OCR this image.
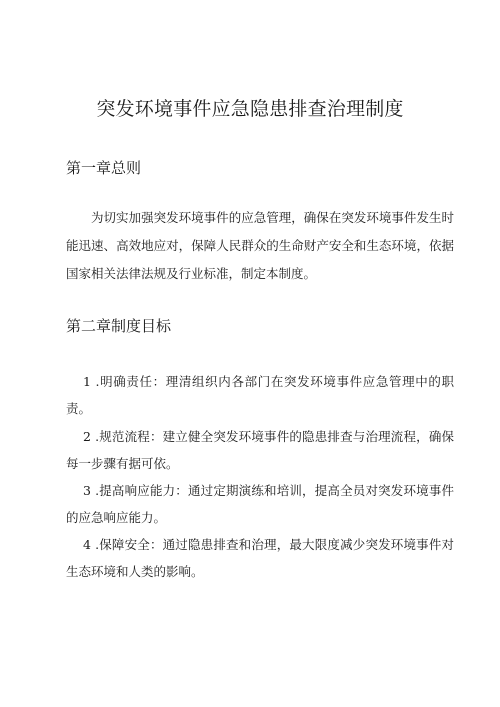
突发环境事件应急隐患排查治理制度
第一章总则

为切实加强突发环境事件的应急管理，确保在突发环境事件发生时能迅速、高效地应对，保障人民群众的生命财产安全和生态环境，依据国家相关法律法规及行业标准，制定本制度。

第二章制度目标

1 .明确责任：理清组织内各部门在突发环境事件应急管理中的职责。

2 .规范流程：建立健全突发环境事件的隐患排查与治理流程，确保每一步骤有据可依。

3 .提高响应能力：通过定期演练和培训，提高全员对突发环境事件的应急响应能力。

4 .保障安全：通过隐患排查和治理，最大限度减少突发环境事件对生态环境和人类的影响。
